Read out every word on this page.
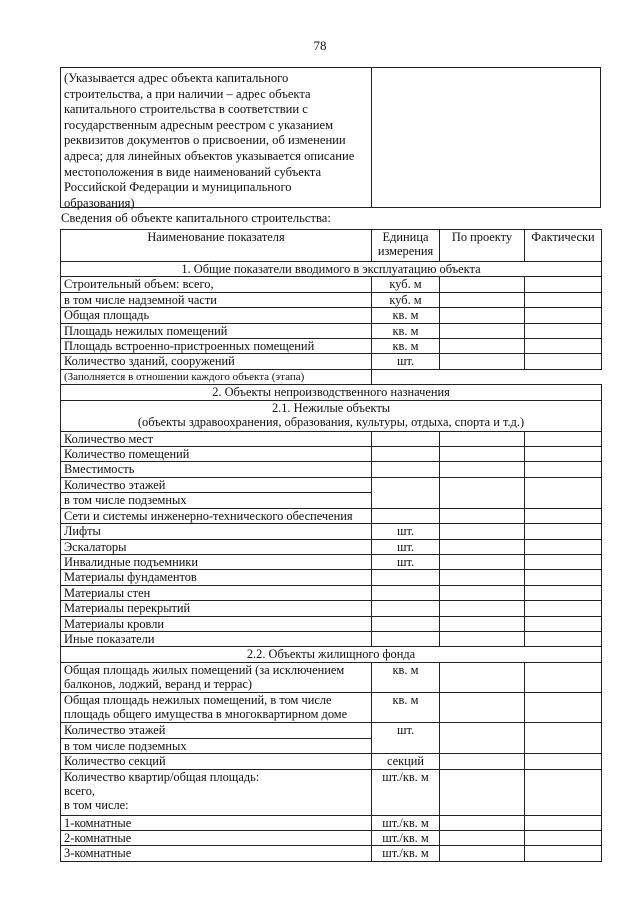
78
(Указывается адрес объекта капитального
строительства, а при наличии – адрес объекта
капитального строительства в соответствии с
государственным адресным реестром с указанием
реквизитов документов о присвоении, об изменении
адреса; для линейных объектов указывается описание
местоположения в виде наименований субъекта
Российской Федерации и муниципального
образования)
Сведения об объекте капитального строительства:
Наименование показателя	Единица измерения	По проекту	Фактически
1. Общие показатели вводимого в эксплуатацию объекта			
Строительный объем: всего,	куб. м		
в том числе надземной части	куб. м		
Общая площадь	кв. м		
Площадь нежилых помещений	кв. м		
Площадь встроенно-пристроенных помещений	кв. м		
Количество зданий, сооружений	шт.		
(Заполняется в отношении каждого объекта (этапа)			
2. Объекты непроизводственного назначения			
2.1. Нежилые объекты			
(объекты здравоохранения, образования, культуры, отдыха, спорта и т.д.)			
Количество мест			
Количество помещений			
Вместимость			
Количество этажей			
в том числе подземных			
Сети и системы инженерно-технического обеспечения			
Лифты	шт.		
Эскалаторы	шт.		
Инвалидные подъемники	шт.		
Материалы фундаментов			
Материалы стен			
Материалы перекрытий			
Материалы кровли			
Иные показатели			
2.2. Объекты жилищного фонда			
Общая площадь жилых помещений (за исключением балконов, лоджий, веранд и террас)	кв. м		
Общая площадь нежилых помещений, в том числе площадь общего имущества в многоквартирном доме	кв. м		
Количество этажей	шт.		
в том числе подземных			
Количество секций	секций		

Количество квартир/общая площадь:
всего,
в том числе:	шт./кв. м		
1-комнатные	шт./кв. м		
2-комнатные	шт./кв. м		
3-комнатные	шт./кв. м		
